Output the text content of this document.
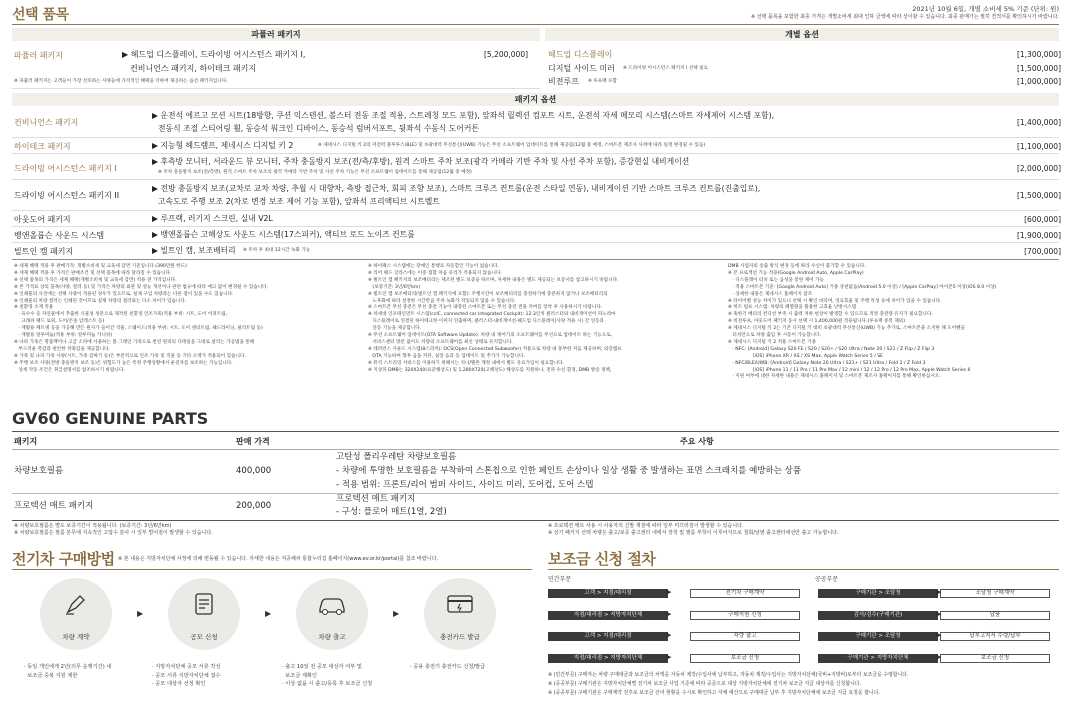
선택 품목	2021년 10월 6일, 개별 소비세 5% 기준 (단위: 원)
※ 선택 품목을 포함한 최종 가격은 개별소비세 최대 인하 금액에 따라 상이할 수 있습니다. 최종 판매가는 필히 견적서를 확인하시기 바랍니다.
파퓰러 패키지	개별 옵션
파퓰러 패키지	▶ 헤드업 디스플레이, 드라이빙 어시스턴스 패키지 I,
컨비니언스 패키지, 하이테크 패키지
[5,200,000]
※ 파퓰러 패키지는 고객들이 가장 선호하는 사양들에 가격적인 혜택을 더하여 제공하는 옵션 패키지입니다.
헤드업 디스플레이	[1,300,000]
디지털 사이드 미러 ※ 드라이빙 어시스턴스 패키지 I 선택 필요	[1,500,000]
비전루프 ※ 루프랙 포함	[1,000,000]
패키지 옵션
컨비니언스 패키지
▶ 운전석 에르고 모션 시트(18방향, 쿠션 익스텐션, 볼스터 전동 조절 적용, 스트레칭 모드 포함), 앞좌석 릴렉션 컴포트 시트, 운전석 자세 메모리 시스템(스마트 자세제어 시스템 포함),
전동식 조절 스티어링 휠, 동승석 워크인 디바이스, 동승석 럼버서포트, 뒷좌석 수동식 도어커튼
[1,400,000]
하이테크 패키지	▶ 지능형 헤드램프, 제네시스 디지털 키 2	※ 제네시스 디지털 키 2의 저전력 블루투스(BLE) 및 초광대역 무선통신(UWB) 기능은 무선 소프트웨어 업데이트를 통해 제공됨(12월 중 예정, 스마트폰 제조사 사정에 따라 일정 변경될 수 있음)	[1,100,000]
드라이빙 어시스턴스 패키지 I
▶ 후측방 모니터, 서라운드 뷰 모니터, 주차 충돌방지 보조(전/측/후방), 원격 스마트 주차 보조(광각 카메라 기반 주차 및 사선 주차 포함), 증강현실 내비게이션
※ 주차 충돌방지 보조(전/측방), 원격 스마트 주차 보조의 광각 카메라 기반 주차 및 사선 주차 기능은 무선 소프트웨어 업데이트를 통해 제공됨(12월 중 예정)	[2,000,000]
드라이빙 어시스턴스 패키지 II
▶ 전방 충돌방지 보조(교차로 교차 차량, 추월 시 대향차, 측방 접근차, 회피 조향 보조), 스마트 크루즈 컨트롤(운전 스타일 연동), 내비게이션 기반 스마트 크루즈 컨트롤(진출입로),
고속도로 주행 보조 2(차로 변경 보조 제어 기능 포함), 앞좌석 프리액티브 시트벨트
[1,500,000]
아웃도어 패키지	▶ 루프랙, 러기지 스크린, 실내 V2L	[600,000]
뱅앤올룹슨 사운드 시스템	▶ 뱅앤올룹슨 고해상도 사운드 시스템(17스피커), 액티브 로드 노이즈 컨트롤	[1,900,000]
빌트인 캠 패키지	▶ 빌트인 캠, 보조배터리 ※ 주차 후 최대 12시간 녹화 가능	[700,000]
※ 세제 혜택 적용 후 판매가격: 개별소비세 및 교육세 감면 기준입니다.(390만원 한도)
※ 세제 혜택 적용 후 가격은 판매조건 및 선택 품목에 따라 달라질 수 있습니다.
※ 선택 품목의 가격은 세제 혜택(개별소비세 및 교육세 감면) 적용 전 가격입니다.
※ 본 가격표 상의 품목(사양, 컬러 등) 및 가격은 차량의 외관 및 성능 개선이나 관련 법규에 따라 예고 없이 변경될 수 있습니다.
※ 인쇄물의 사진에는 선택 사양이 적용된 경우가 있으므로, 실제 구입 차량과는 다른 점이 있을 수도 있습니다.
※ 인쇄물의 차량 컬러는 인쇄된 것이므로 실제 차량의 컬러와는 다소 차이가 있습니다.
※ 친환경 소재 적용
· 육수수 등 자연물에서 추출한 식물성 성분으로 제작된 친환경 인조가죽(적용 부위: 시트, 도어 어퍼트림,
크래쉬 패드 로워, 도어/콘솔 암레스트 등)
· 재활용 페트병 등을 가공해 만든 원사가 들어간 직물, 스웨이드(적용 부위: 시트, 도어 센터트림, 헤드라이닝, 필러트림 등)
· 재활용 알루미늄(적용 부위: 알루미늄 가니쉬)
※ 나파 가죽은 명품백이나 고급 소파에 사용하는 볼 그레인 가죽으로 천연 원피의 디테일을 그대로 살리는 가공법을 통해
부드러운 촉감과 편안한 착좌감을 제공합니다.
※ 가죽 및 나파 가죽 사양(시트, 가죽 감싸기 등)은 부분적으로 인조 가죽 및 직물 등 기타 소재가 적용되어 있습니다.
※ 주행 보조 사양(전방 충돌방지 보조 등)은 위험도가 높은 특정 주행상황에서 운전자를 보조하는 기능입니다.
상세 작동 조건은 취급설명서를 참조하시기 바랍니다.
※ 하이패스 시스템에는 장애인 통행료 자동할인 기능이 없습니다.
※ 리어 헤드 글라스에는 이중 접합 차음 유리가 적용되지 않습니다.
※ 빌트인 캠 패키지의 보조배터리는 제조된 별도 보증을 따르며, 자세한 내용은 별도 제공되는 보증서를 참고하시기 바랍니다.
(보증기간: 3년/6만km)
※ 빌트인 캠 보조배터리(빌트인 캠 패키지에 포함): 주행시간이 보조배터리를 충전하기에 충분하지 않거나 보조배터리의
노후화에 따라 설정한 시간만큼 주차 녹화가 작동되지 않을 수 있습니다.
※ 스마트폰 무선 충전은 무선 충전 기능이 내장된 스마트폰 또는 무선 충전 전용 커버를 장착 후 사용하시기 바랍니다.
※ 차세대 인포테인먼트 시스템(ccIC, connected car Integrated Cockpit): 12.3인치 클러스터와 내비게이션이 파노라마
디스플레이로 연결된 하이테크한 이미지 연출하며, 클러스터-내비게이션-헤드업 디스플레이(사양 적용 시) 간 연동과
연동 기능을 제공합니다.
※ 무선 소프트웨어 업데이트(OTA Software Update): 차량 내 제어기의 소프트웨어를 무선으로 업데이트 하는 기능으로,
서비스센터 방문 없이도 차량의 소프트웨어를 최신 상태로 유지합니다.
※ 레퍼런스 사운드 시스템(8스피커): OCS(Open Connected Subwoofer) 적용으로 차량 내 풍부한 저음 제공하며, 외장앰프
OTA 기능하여 향후 음을 커뮤, 실장 음과 등 업데이트 및 추가가 가능합니다.
※ 뮤직 스트리밍 서비스를 이용하기 위해서는 지니/멜론 계정 내에서 별도 유료가입이 필요합니다.
※ 지상파 DMB는 320X240(표준해상도) 및 1,280X720(고해상도) 해상도를 지원하나, 전파 수신 환경, DMB 방송 정책,
DMB 사업자의 송출 방식 변경 등에 따라 수신이 불가할 수 있습니다.
※ 폰 프로젝션 기능 적용(Google Android Auto, Apple CarPlay)
· 디스플레이 터치 또는 음성을 통한 제어 가능
· 적용 스마트폰 기준: [Google Android Auto] 기종 상관없음(Android 5.0 이상) / [Apple CarPlay] 아이폰5 이상(iOS 8.0 이상)
· 상세한 내용은 제네시스 홈페이지 참조
※ 타이어별 성능 차이가 있으니 선택 시 확인 바라며, 연료효율 및 주행 특성 등에 차이가 있을 수 있습니다.
※ 히트 펌프 시스템: 차량의 폐열원을 활용한 고효율 난방시스템
※ 혹한기 배터리 컨디션 부족 시 출력 저하 현상이 발생할 수 있으므로 적정 충전량 유지가 필요합니다.
※ 비전루프, 아웃도어 패키지 동시 선택 시 1,400,000원 적용됩니다.(루프랙 중복 제외)
※ 제네시스 디지털 키 2는 기존 디지털 키 대비 초광대역 무선통신(UWB) 기능 추가로, 스마트폰을 소지한 채 도어핸들
터치만으로 차량 출입 후 시동이 가능합니다.
※ 제네시스 디지털 키 2 적용 스마트폰 기종
· NFC: [Android] Galaxy S20 FE / S20 / S20+ / S20 Ultra / Note 20 / S21 / Z Flip / Z Flip 3
[iOS] iPhone XR / XS / XS Max, Apple Watch Series 5 / SE
· NFC/BLE/UWB: [Android] Galaxy Note 20 Ultra / S21+ / S21 Ultra / Fold 2 / Z Fold 3
[iOS] iPhone 11 / 11 Pro / 11 Pro Max / 12 mini / 12 / 12 Pro / 12 Pro Max, Apple Watch Series 6
· 지원 여부에 대한 자세한 내용은 제네시스 홈페이지 및 스마트폰 제조사 홈페이지를 통해 확인하십시오.
GV60 GENUINE PARTS
패키지	판매 가격	주요 사항
차량보호필름	400,000
고탄성 폴리우레탄 차량보호필름
- 차량에 투명한 보호필름을 부착하여 스톤칩으로 인한 페인트 손상이나 일상 생활 중 발생하는 표면 스크래치를 예방하는 상품
- 적용 범위: 프론트/리어 범퍼 사이드, 사이드 미러, 도어컵, 도어 스텝
프로텍션 매트 패키지	200,000
프로텍션 매트 패키지
- 구성: 플로어 매트(1열, 2열)
※ 차량보호필름은 별도 보증기간이 적용됩니다. (보증기간: 3년/6만km)
※ 차량보호필름은 필름 분무에 지속적인 고압수 분사 시 일부 벌어짐이 발생할 수 있습니다.
※ 프로텍션 매트 사용 시 사용자의 신발 재질에 따라 일부 미끄러짐이 발생할 수 있습니다.
※ 상기 패키지 선택 차량은 출고/보증 출고센터 내에서 장착 및 필름 부착이 이루어지므로 철회/날염 출고센터에선만 출고 가능합니다.
전기차 구매방법 ※ 본 내용은 지방자치단체 사정에 의해 변동될 수 있습니다. 자세한 내용은 저공해차 통합누리집 홈페이지(www.ev.or.kr/portal)를 참조 바랍니다.
차량 계약	공모 신청	차량 출고	충전카드 발급
▶	▶	▶
· 동일 개인에게 2년(의무 운행기간) 내
보조금 중복 지원 제한
· 지방자치단체 공모 서류 작성
· 공모 서류 지방자치단체 접수
· 공모 대상자 선정 확인
· 출고 10일 전 공모 대상자 여부 및
보조금 재확인
· 이상 없을 시 출고/등록 후 보조금 신청
· 공용 충전기 충전카드 신청/발급
보조금 신청 절차
민간부문	공공부문
고객 > 지점/대리점	전기차 구매계약
구매지원 신청
지점/대리점 > 지방자치단체
고객 > 지점/대리점	차량 출고
보조금 신청
지점/대리점 > 지방자치단체
구매기관 > 조달청	조달청 구매계약
검사/검수(구매기관)	납품
구매기관 > 조달청	납부고지서 수령/납부
구매기관 > 지방자치단체	보조금 신청
▶	▶
▶	▶
▶	▶
▶	▶
※ (민간부문) 구매자는 차량 구매대금과 보조금의 차액을 자동차 제작/수입사에 납부하고, 자동차 제작/수입사는 지방자치단체(국비+지방비)로부터 보조금을 수령합니다.
※ (공공부문) 구매기관은 지방자치단체별 전기차 보조금 사업 기준에 따라 공문으로 대상 지방자치단체에 전기차 보조금 지급 대상자를 신청합니다.
※ (공공부문) 구매기관은 구매계약 전후로 보조금 잔여 현황을 수시로 확인하고 자체 예산으로 구매대금 납부 후 지방자치단체에 보조금 지급 요청을 합니다.
